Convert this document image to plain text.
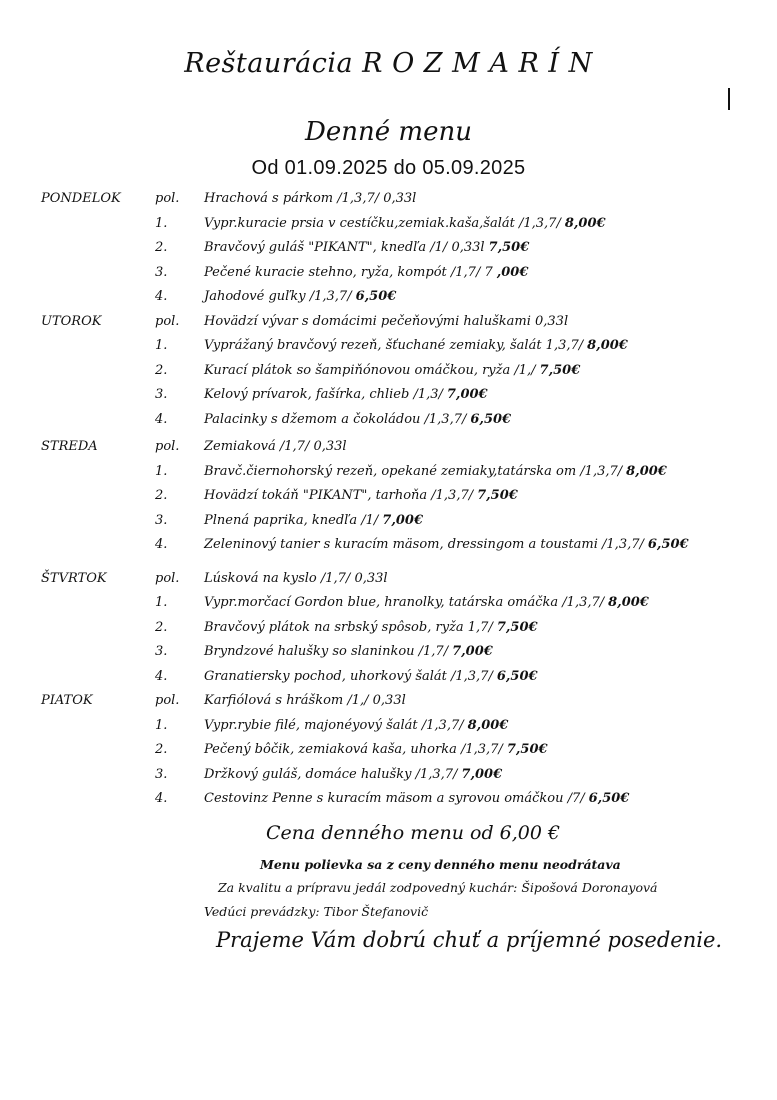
Reštaurácia R O Z M A R Í N
Denné menu
Od 01.09.2025 do 05.09.2025
PONDELOK	pol. Hrachová s párkom /1,3,7/ 0,33l
1.	Vypr.kuracie prsia v cestíčku,zemiak.kaša,šalát /1,3,7/ 8,00€
2.	Bravčový guláš "PIKANT", knedľa /1/ 0,33l 7,50€
3.	Pečené kuracie stehno, ryža, kompót /1,7/ 7 ,00€
4.	Jahodové guľky /1,3,7/ 6,50€
UTOROK	pol. Hovädzí vývar s domácimi pečeňovými haluškami 0,33l
1.	Vyprážaný bravčový rezeň, šťuchané zemiaky, šalát 1,3,7/ 8,00€
2.	Kurací plátok so šampiňónovou omáčkou, ryža /1,/ 7,50€
3.	Kelový prívarok, fašírka, chlieb /1,3/ 7,00€
4.	Palacinky s džemom a čokoládou /1,3,7/ 6,50€
STREDA	pol. Zemiaková /1,7/ 0,33l
1.	Bravč.čiernohorský rezeň, opekané zemiaky,tatárska om /1,3,7/ 8,00€
2.	Hovädzí tokáň "PIKANT", tarhoňa /1,3,7/ 7,50€
3.	Plnená paprika, knedľa /1/ 7,00€
4.	Zeleninový tanier s kuracím mäsom, dressingom a toustami /1,3,7/ 6,50€
ŠTVRTOK	pol. Lúsková na kyslo /1,7/ 0,33l
1.	Vypr.morčací Gordon blue, hranolky, tatárska omáčka /1,3,7/ 8,00€
2.	Bravčový plátok na srbský spôsob, ryža 1,7/ 7,50€
3.	Bryndzové halušky so slaninkou /1,7/ 7,00€
4.	Granatiersky pochod, uhorkový šalát /1,3,7/ 6,50€
PIATOK	pol. Karfiólová s hráškom /1,/ 0,33l
1.	Vypr.rybie filé, majonéyový šalát /1,3,7/ 8,00€
2.	Pečený bôčik, zemiaková kaša, uhorka /1,3,7/ 7,50€
3.	Držkový guláš, domáce halušky /1,3,7/ 7,00€
4.	Cestovinz Penne s kuracím mäsom a syrovou omáčkou /7/ 6,50€
Cena denného menu od 6,00 €
Menu polievka sa z ceny denného menu neodrátava
Za kvalitu a prípravu jedál zodpovedný kuchár: Šipošová Doronayová
Vedúci prevádzky: Tibor Štefanovič
Prajeme Vám dobrú chuť a príjemné posedenie.
